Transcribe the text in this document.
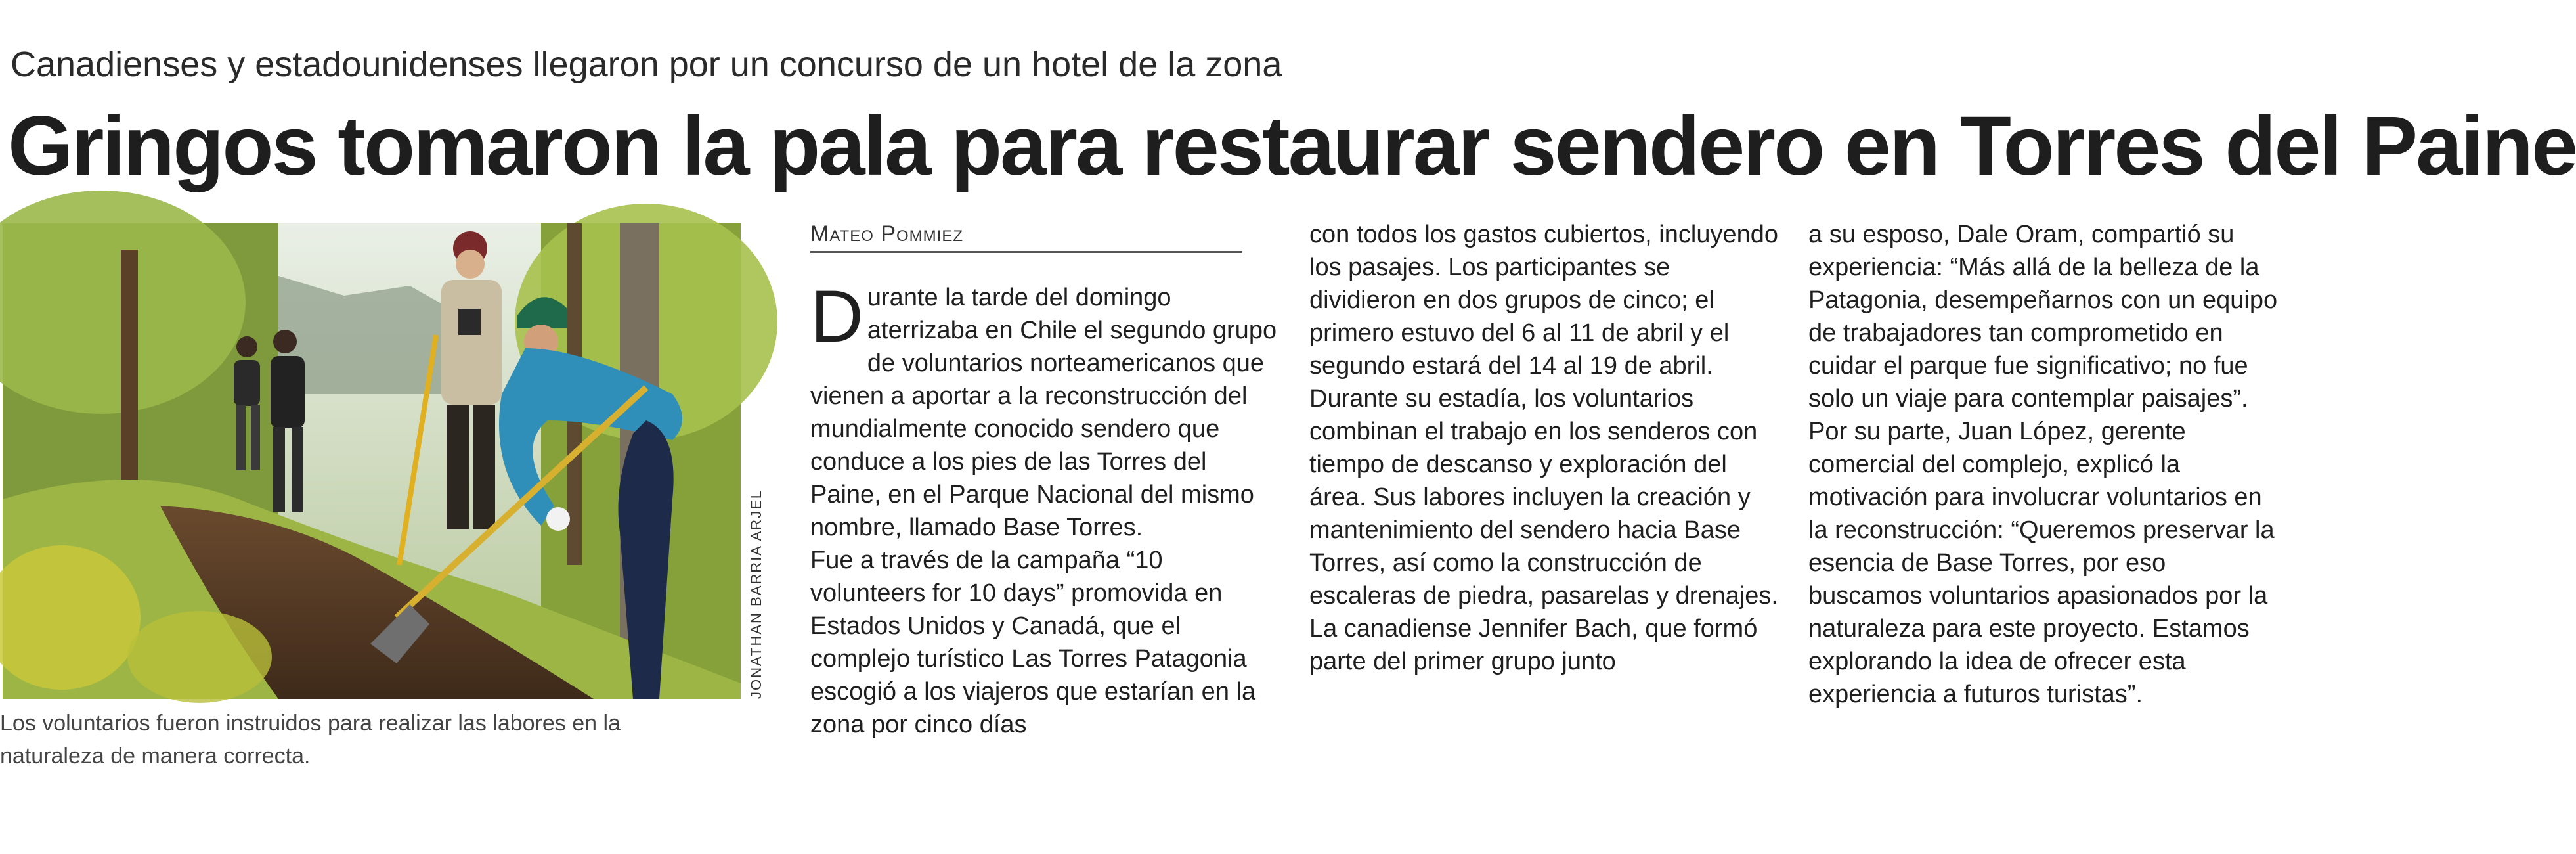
Canadienses y estadounidenses llegaron por un concurso de un hotel de la zona
Gringos tomaron la pala para restaurar sendero en Torres del Paine
JONATHAN BARRIA ARJEL

Los voluntarios fueron instruidos para realizar las labores en la naturaleza de manera correcta.

Mateo Pommiez

Durante la tarde del domingo aterrizaba en Chile el segundo grupo de voluntarios norteamericanos que vienen a aportar a la reconstrucción del mundialmente conocido sendero que conduce a los pies de las Torres del Paine, en el Parque Nacional del mismo nombre, llamado Base Torres.

Fue a través de la campaña “10 volunteers for 10 days” promovida en Estados Unidos y Canadá, que el complejo turístico Las Torres Patagonia escogió a los viajeros que estarían en la zona por cinco días

con todos los gastos cubiertos, incluyendo los pasajes. Los participantes se dividieron en dos grupos de cinco; el primero estuvo del 6 al 11 de abril y el segundo estará del 14 al 19 de abril.

Durante su estadía, los voluntarios combinan el trabajo en los senderos con tiempo de descanso y exploración del área. Sus labores incluyen la creación y mantenimiento del sendero hacia Base Torres, así como la construcción de escaleras de piedra, pasarelas y drenajes.

La canadiense Jennifer Bach, que formó parte del primer grupo junto

a su esposo, Dale Oram, compartió su experiencia: “Más allá de la belleza de la Patagonia, desempeñarnos con un equipo de trabajadores tan comprometido en cuidar el parque fue significativo; no fue solo un viaje para contemplar paisajes”.

Por su parte, Juan López, gerente comercial del complejo, explicó la motivación para involucrar voluntarios en la reconstrucción: “Queremos preservar la esencia de Base Torres, por eso buscamos voluntarios apasionados por la naturaleza para este proyecto. Estamos explorando la idea de ofrecer esta experiencia a futuros turistas”.
